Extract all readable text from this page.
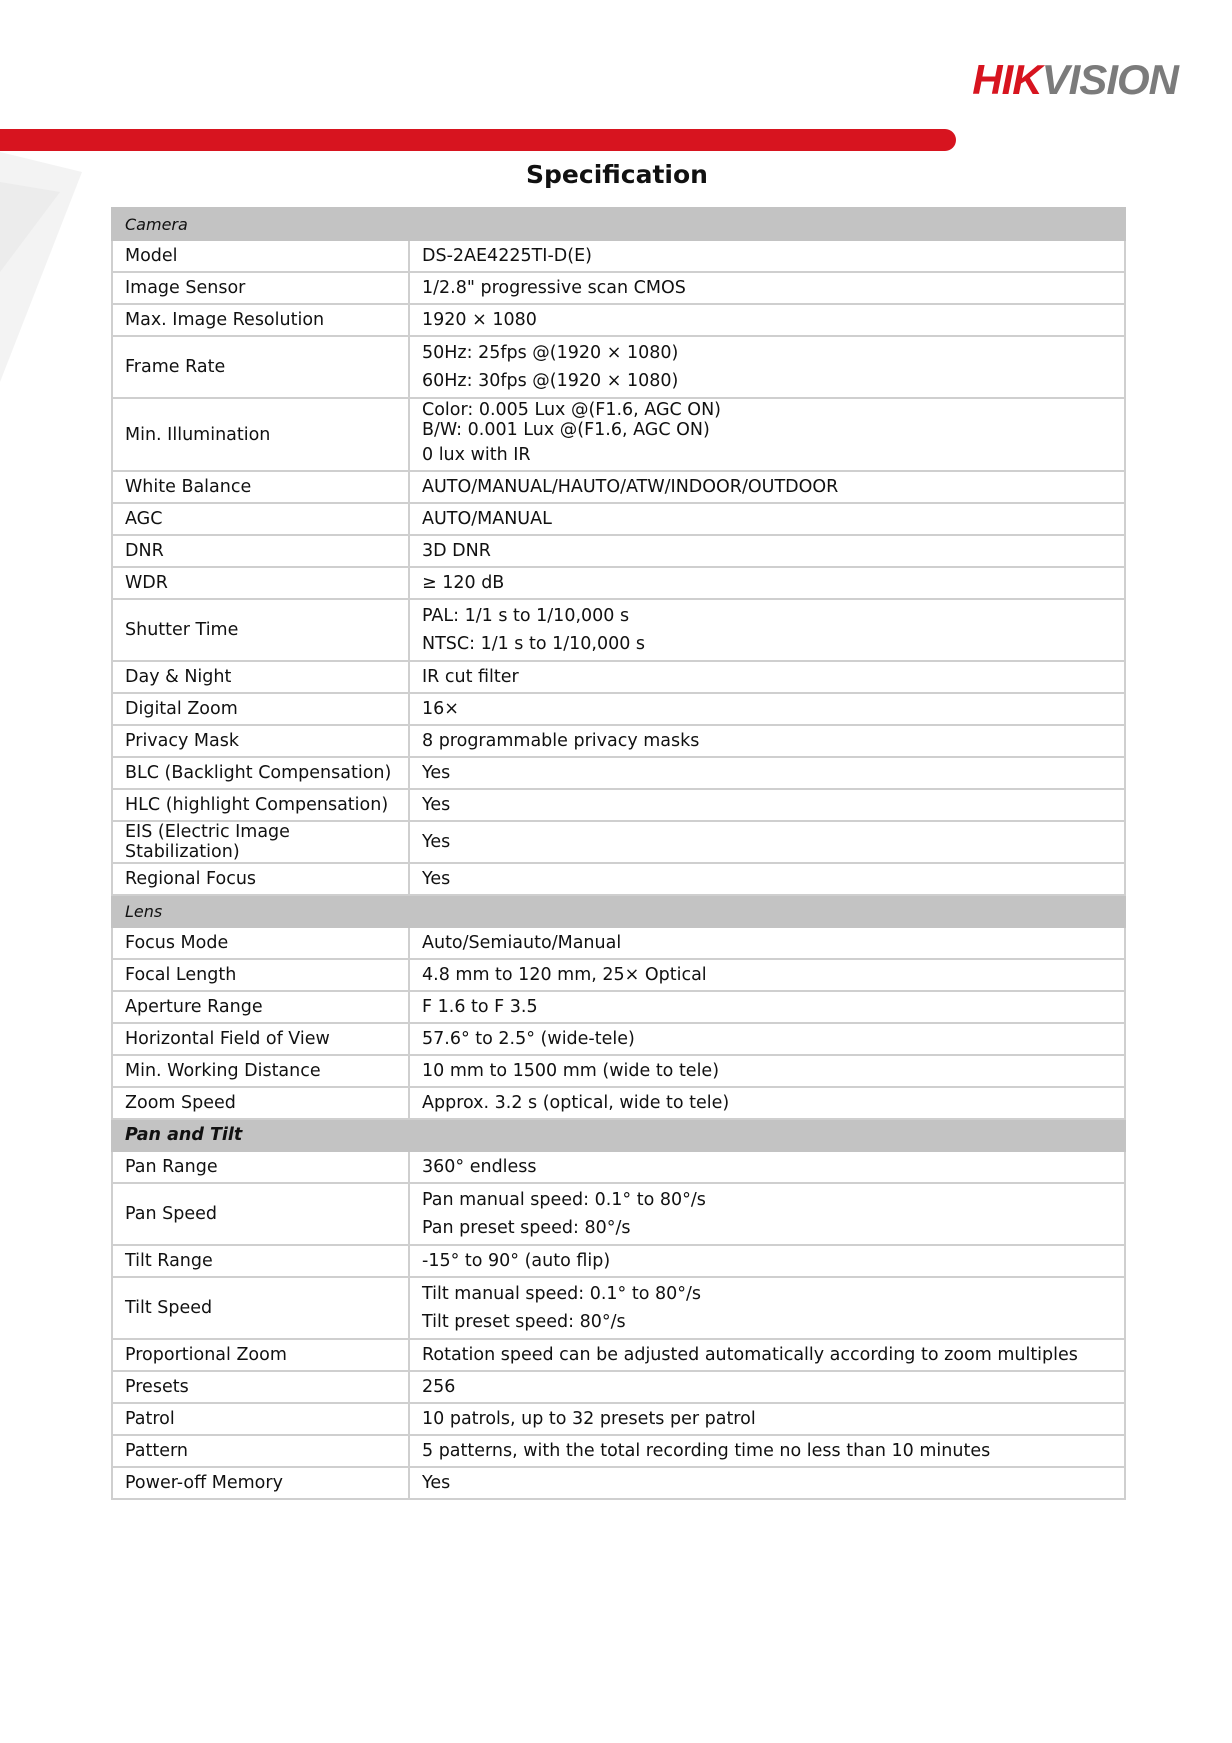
HIKVISION
Specification
Camera	
Model	DS-2AE4225TI-D(E)

Image Sensor	1/2.8" progressive scan CMOS

Max. Image Resolution	1920 × 1080

Frame Rate	50Hz: 25fps @(1920 × 1080)
60Hz: 30fps @(1920 × 1080)

Min. Illumination	Color: 0.005 Lux @(F1.6, AGC ON)
B/W: 0.001 Lux @(F1.6, AGC ON)
0 lux with IR

White Balance	AUTO/MANUAL/HAUTO/ATW/INDOOR/OUTDOOR

AGC	AUTO/MANUAL

DNR	3D DNR

WDR	≥ 120 dB

Shutter Time	PAL: 1/1 s to 1/10,000 s
NTSC: 1/1 s to 1/10,000 s

Day & Night	IR cut filter

Digital Zoom	16×

Privacy Mask	8 programmable privacy masks

BLC (Backlight Compensation)	Yes

HLC (highlight Compensation)	Yes

EIS (Electric Image Stabilization)	Yes

Regional Focus	Yes

Lens	
Focus Mode	Auto/Semiauto/Manual

Focal Length	4.8 mm to 120 mm, 25× Optical

Aperture Range	F 1.6 to F 3.5

Horizontal Field of View	57.6° to 2.5° (wide-tele)

Min. Working Distance	10 mm to 1500 mm (wide to tele)

Zoom Speed	Approx. 3.2 s (optical, wide to tele)

Pan and Tilt	
Pan Range	360° endless

Pan Speed	Pan manual speed: 0.1° to 80°/s
Pan preset speed: 80°/s

Tilt Range	-15° to 90° (auto flip)

Tilt Speed	Tilt manual speed: 0.1° to 80°/s
Tilt preset speed: 80°/s

Proportional Zoom	Rotation speed can be adjusted automatically according to zoom multiples

Presets	256

Patrol	10 patrols, up to 32 presets per patrol

Pattern	5 patterns, with the total recording time no less than 10 minutes

Power-off Memory	Yes
